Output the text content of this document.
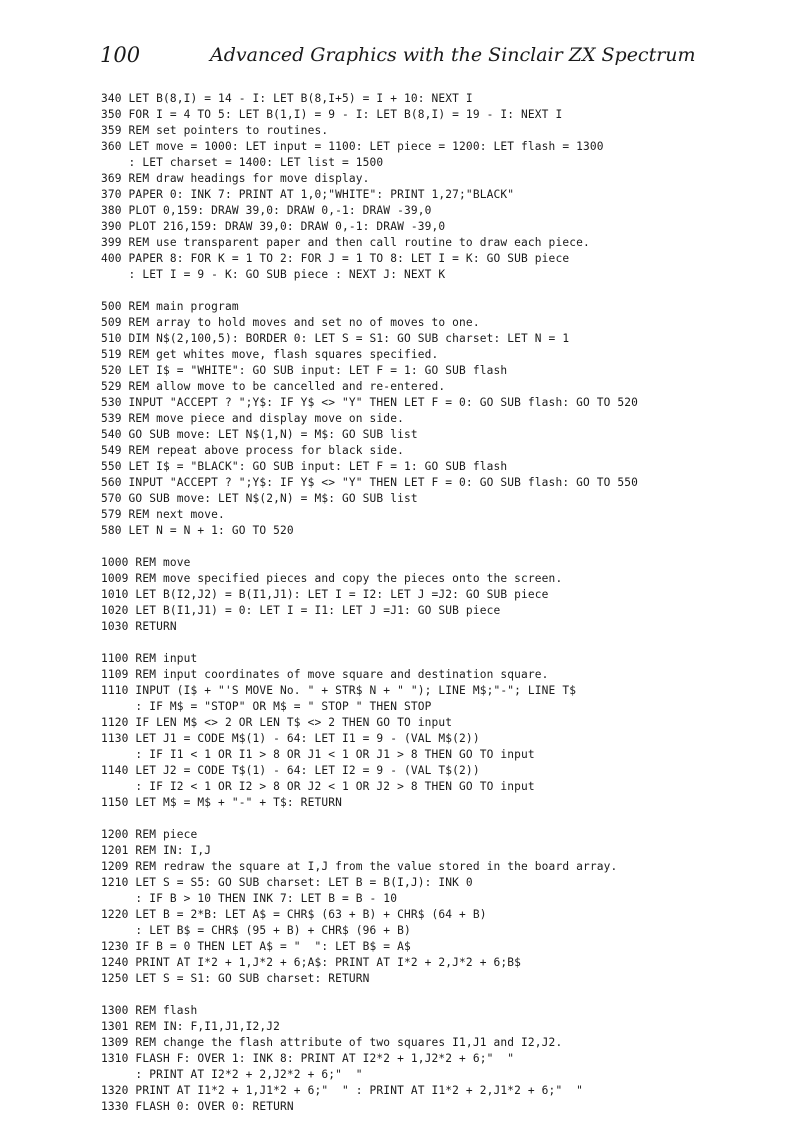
100	Advanced Graphics with the Sinclair ZX Spectrum
340 LET B(8,I) = 14 - I: LET B(8,I+5) = I + 10: NEXT I
350 FOR I = 4 TO 5: LET B(1,I) = 9 - I: LET B(8,I) = 19 - I: NEXT I
359 REM set pointers to routines.
360 LET move = 1000: LET input = 1100: LET piece = 1200: LET flash = 1300
: LET charset = 1400: LET list = 1500
369 REM draw headings for move display.
370 PAPER 0: INK 7: PRINT AT 1,0;"WHITE": PRINT 1,27;"BLACK"
380 PLOT 0,159: DRAW 39,0: DRAW 0,-1: DRAW -39,0
390 PLOT 216,159: DRAW 39,0: DRAW 0,-1: DRAW -39,0
399 REM use transparent paper and then call routine to draw each piece.
400 PAPER 8: FOR K = 1 TO 2: FOR J = 1 TO 8: LET I = K: GO SUB piece
: LET I = 9 - K: GO SUB piece : NEXT J: NEXT K
500 REM main program
509 REM array to hold moves and set no of moves to one.
510 DIM N$(2,100,5): BORDER 0: LET S = S1: GO SUB charset: LET N = 1
519 REM get whites move, flash squares specified.
520 LET I$ = "WHITE": GO SUB input: LET F = 1: GO SUB flash
529 REM allow move to be cancelled and re-entered.
530 INPUT "ACCEPT ? ";Y$: IF Y$ <> "Y" THEN LET F = 0: GO SUB flash: GO TO 520
539 REM move piece and display move on side.
540 GO SUB move: LET N$(1,N) = M$: GO SUB list
549 REM repeat above process for black side.
550 LET I$ = "BLACK": GO SUB input: LET F = 1: GO SUB flash
560 INPUT "ACCEPT ? ";Y$: IF Y$ <> "Y" THEN LET F = 0: GO SUB flash: GO TO 550
570 GO SUB move: LET N$(2,N) = M$: GO SUB list
579 REM next move.
580 LET N = N + 1: GO TO 520
1000 REM move
1009 REM move specified pieces and copy the pieces onto the screen.
1010 LET B(I2,J2) = B(I1,J1): LET I = I2: LET J =J2: GO SUB piece
1020 LET B(I1,J1) = 0: LET I = I1: LET J =J1: GO SUB piece
1030 RETURN
1100 REM input
1109 REM input coordinates of move square and destination square.
1110 INPUT (I$ + "'S MOVE No. " + STR$ N + " "); LINE M$;"-"; LINE T$
: IF M$ = "STOP" OR M$ = " STOP " THEN STOP
1120 IF LEN M$ <> 2 OR LEN T$ <> 2 THEN GO TO input
1130 LET J1 = CODE M$(1) - 64: LET I1 = 9 - (VAL M$(2))
: IF I1 < 1 OR I1 > 8 OR J1 < 1 OR J1 > 8 THEN GO TO input
1140 LET J2 = CODE T$(1) - 64: LET I2 = 9 - (VAL T$(2))
: IF I2 < 1 OR I2 > 8 OR J2 < 1 OR J2 > 8 THEN GO TO input
1150 LET M$ = M$ + "-" + T$: RETURN
1200 REM piece
1201 REM IN: I,J
1209 REM redraw the square at I,J from the value stored in the board array.
1210 LET S = S5: GO SUB charset: LET B = B(I,J): INK 0
: IF B > 10 THEN INK 7: LET B = B - 10
1220 LET B = 2*B: LET A$ = CHR$ (63 + B) + CHR$ (64 + B)
: LET B$ = CHR$ (95 + B) + CHR$ (96 + B)
1230 IF B = 0 THEN LET A$ = "  ": LET B$ = A$
1240 PRINT AT I*2 + 1,J*2 + 6;A$: PRINT AT I*2 + 2,J*2 + 6;B$
1250 LET S = S1: GO SUB charset: RETURN
1300 REM flash
1301 REM IN: F,I1,J1,I2,J2
1309 REM change the flash attribute of two squares I1,J1 and I2,J2.
1310 FLASH F: OVER 1: INK 8: PRINT AT I2*2 + 1,J2*2 + 6;"  "
: PRINT AT I2*2 + 2,J2*2 + 6;"  "
1320 PRINT AT I1*2 + 1,J1*2 + 6;"  " : PRINT AT I1*2 + 2,J1*2 + 6;"  "
1330 FLASH 0: OVER 0: RETURN
